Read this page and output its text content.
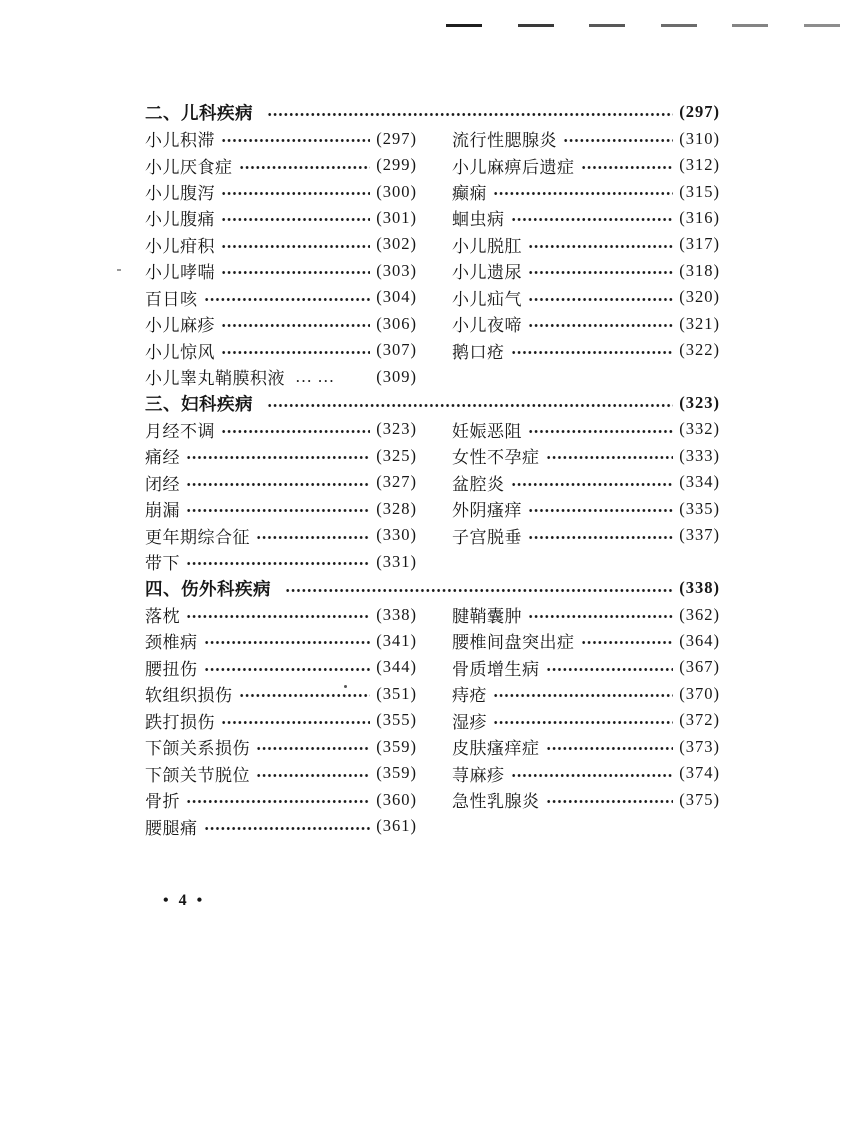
二、儿科疾病	(297)
小儿积滞	(297) 流行性腮腺炎	(310)
小儿厌食症	(299) 小儿麻痹后遗症	(312)
小儿腹泻	(300) 癫痫	(315)
小儿腹痛	(301) 蛔虫病	(316)
小儿疳积	(302) 小儿脱肛	(317)
小儿哮喘	(303) 小儿遗尿	(318)
百日咳	(304) 小儿疝气	(320)
小儿麻疹	(306) 小儿夜啼	(321)
小儿惊风	(307) 鹅口疮	(322)
小儿睾丸鞘膜积液 … …	(309)
三、妇科疾病	(323)
月经不调	(323) 妊娠恶阻	(332)
痛经	(325) 女性不孕症	(333)
闭经	(327) 盆腔炎	(334)
崩漏	(328) 外阴瘙痒	(335)
更年期综合征	(330) 子宫脱垂	(337)
带下	(331)
四、伤外科疾病	(338)
落枕	(338) 腱鞘囊肿	(362)
颈椎病	(341) 腰椎间盘突出症	(364)
腰扭伤	(344) 骨质增生病	(367)
软组织损伤	(351) 痔疮	(370)
跌打损伤	(355) 湿疹	(372)
下颌关系损伤	(359) 皮肤瘙痒症	(373)
下颌关节脱位	(359) 荨麻疹	(374)
骨折	(360) 急性乳腺炎	(375)
腰腿痛	(361)
• 4 •
